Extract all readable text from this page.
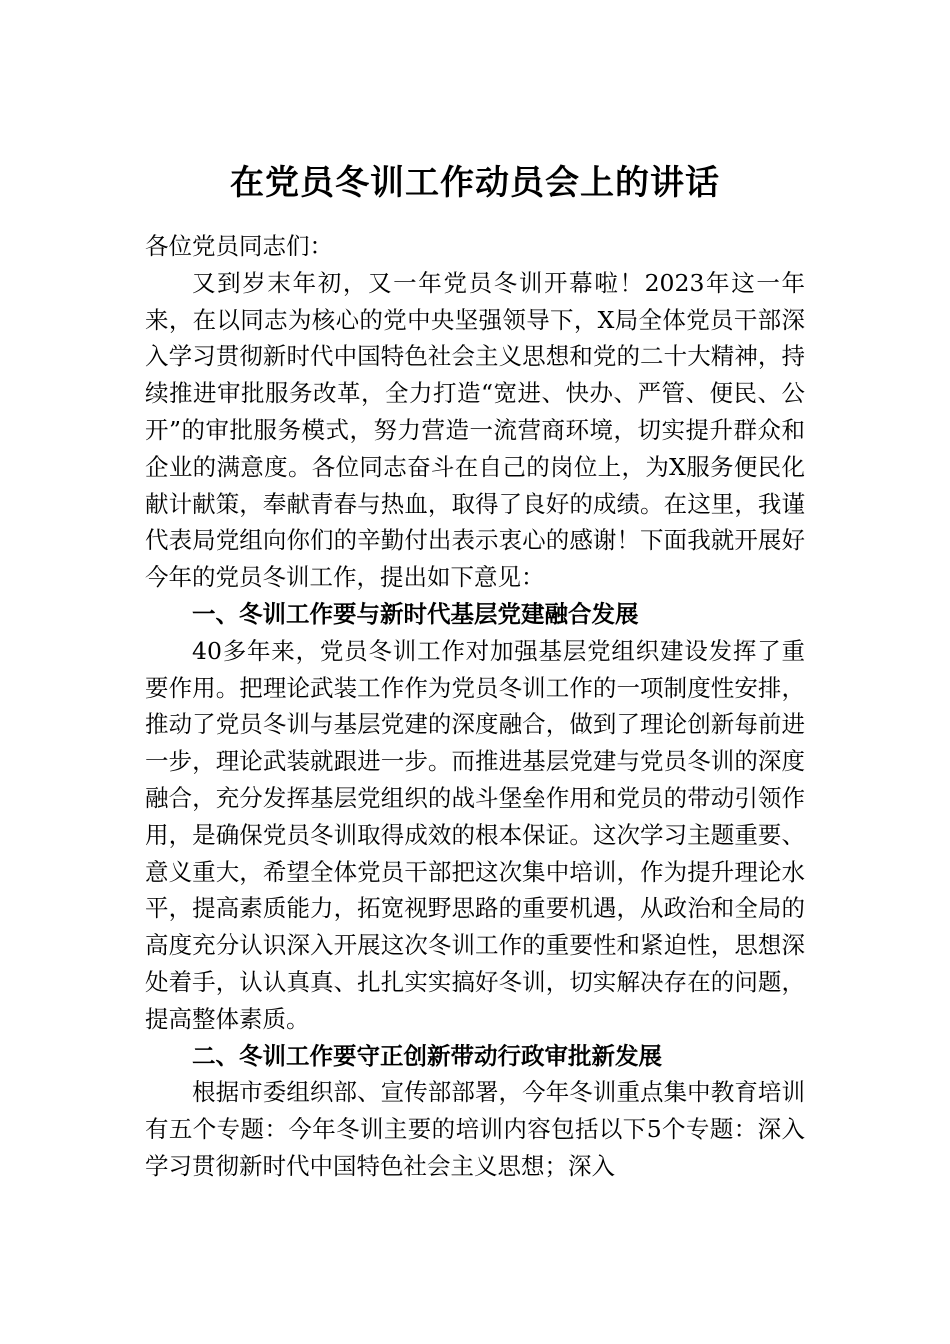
在党员冬训工作动员会上的讲话

各位党员同志们：

又到岁末年初，又一年党员冬训开幕啦！2023年这一年来，在以同志为核心的党中央坚强领导下，X局全体党员干部深入学习贯彻新时代中国特色社会主义思想和党的二十大精神，持续推进审批服务改革，全力打造“宽进、快办、严管、便民、公开”的审批服务模式，努力营造一流营商环境，切实提升群众和企业的满意度。各位同志奋斗在自己的岗位上，为X服务便民化献计献策，奉献青春与热血，取得了良好的成绩。在这里，我谨代表局党组向你们的辛勤付出表示衷心的感谢！下面我就开展好今年的党员冬训工作，提出如下意见：

一、冬训工作要与新时代基层党建融合发展

40多年来，党员冬训工作对加强基层党组织建设发挥了重要作用。把理论武装工作作为党员冬训工作的一项制度性安排，推动了党员冬训与基层党建的深度融合，做到了理论创新每前进一步，理论武装就跟进一步。而推进基层党建与党员冬训的深度融合，充分发挥基层党组织的战斗堡垒作用和党员的带动引领作用，是确保党员冬训取得成效的根本保证。这次学习主题重要、意义重大，希望全体党员干部把这次集中培训，作为提升理论水平，提高素质能力，拓宽视野思路的重要机遇，从政治和全局的高度充分认识深入开展这次冬训工作的重要性和紧迫性，思想深处着手，认认真真、扎扎实实搞好冬训，切实解决存在的问题，提高整体素质。

二、冬训工作要守正创新带动行政审批新发展

根据市委组织部、宣传部部署，今年冬训重点集中教育培训有五个专题：今年冬训主要的培训内容包括以下5个专题：深入学习贯彻新时代中国特色社会主义思想；深入
